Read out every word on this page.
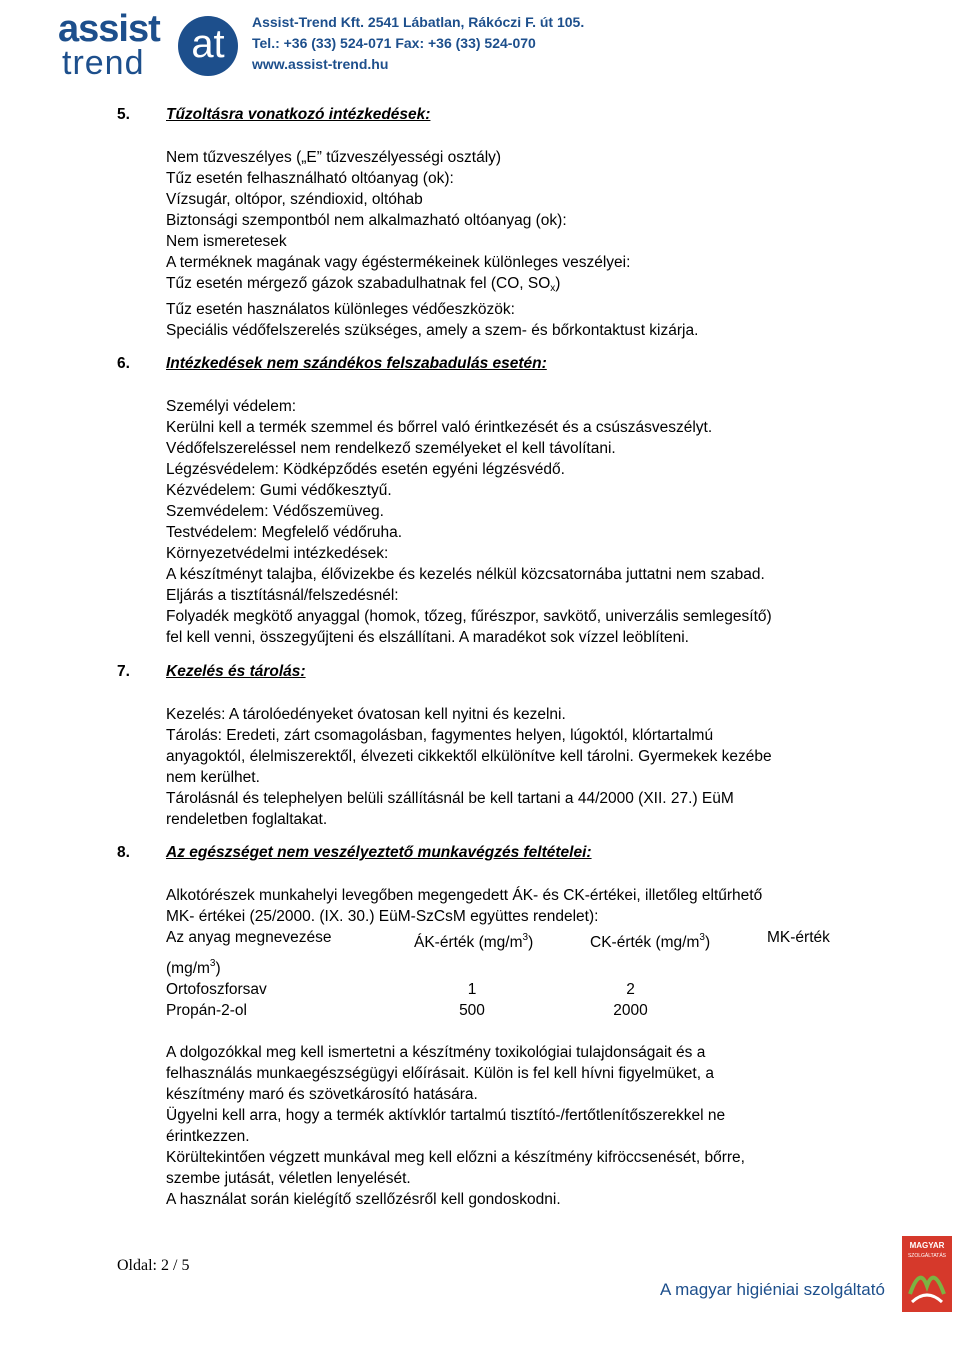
assist
trend	at	Assist-Trend Kft. 2541 Lábatlan, Rákóczi F. út 105.
Tel.: +36 (33) 524-071 Fax: +36 (33) 524-070
www.assist-trend.hu
5. Tűzoltásra vonatkozó intézkedések:
Nem tűzveszélyes („E” tűzveszélyességi osztály)
Tűz esetén felhasználható oltóanyag (ok):
Vízsugár, oltópor, széndioxid, oltóhab
Biztonsági szempontból nem alkalmazható oltóanyag (ok):
Nem ismeretesek
A terméknek magának vagy égéstermékeinek különleges veszélyei:
Tűz esetén mérgező gázok szabadulhatnak fel (CO, $SO_x$)
Tűz esetén használatos különleges védőeszközök:
Speciális védőfelszerelés szükséges, amely a szem- és bőrkontaktust kizárja.
6. Intézkedések nem szándékos felszabadulás esetén:
Személyi védelem:
Kerülni kell a termék szemmel és bőrrel való érintkezését és a csúszásveszélyt.
Védőfelszereléssel nem rendelkező személyeket el kell távolítani.
Légzésvédelem: Ködképződés esetén egyéni légzésvédő.
Kézvédelem: Gumi védőkesztyű.
Szemvédelem: Védőszemüveg.
Testvédelem: Megfelelő védőruha.
Környezetvédelmi intézkedések:
A készítményt talajba, élővizekbe és kezelés nélkül közcsatornába juttatni nem szabad.
Eljárás a tisztításnál/felszedésnél:
Folyadék megkötő anyaggal (homok, tőzeg, fűrészpor, savkötő, univerzális semlegesítő)
fel kell venni, összegyűjteni és elszállítani. A maradékot sok vízzel leöblíteni.
7. Kezelés és tárolás:
Kezelés: A tárolóedényeket óvatosan kell nyitni és kezelni.
Tárolás: Eredeti, zárt csomagolásban, fagymentes helyen, lúgoktól, klórtartalmú
anyagoktól, élelmiszerektől, élvezeti cikkektől elkülönítve kell tárolni. Gyermekek kezébe
nem kerülhet.
Tárolásnál és telephelyen belüli szállításnál be kell tartani a 44/2000 (XII. 27.) EüM
rendeletben foglaltakat.
8. Az egészséget nem veszélyeztető munkavégzés feltételei:
Alkotórészek munkahelyi levegőben megengedett ÁK- és CK-értékei, illetőleg eltűrhető
MK- értékei (25/2000. (IX. 30.) EüM-SzCsM együttes rendelet):
Az anyag megnevezése	ÁK-érték $(mg/m^3)$	CK-érték $(mg/m^3)$	MK-érték
$(mg/m^3)$
Ortofoszforsav	1	2
Propán-2-ol	500	2000
A dolgozókkal meg kell ismertetni a készítmény toxikológiai tulajdonságait és a
felhasználás munkaegészségügyi előírásait. Külön is fel kell hívni figyelmüket, a
készítmény maró és szövetkárosító hatására.
Ügyelni kell arra, hogy a termék aktívklór tartalmú tisztító-/fertőtlenítőszerekkel ne
érintkezzen.
Körültekintően végzett munkával meg kell előzni a készítmény kifröccsenését, bőrre,
szembe jutását, véletlen lenyelését.
A használat során kielégítő szellőzésről kell gondoskodni.
Oldal: 2 / 5
A magyar higiéniai szolgáltató
MAGYAR
SZOLGÁLTATÁS
